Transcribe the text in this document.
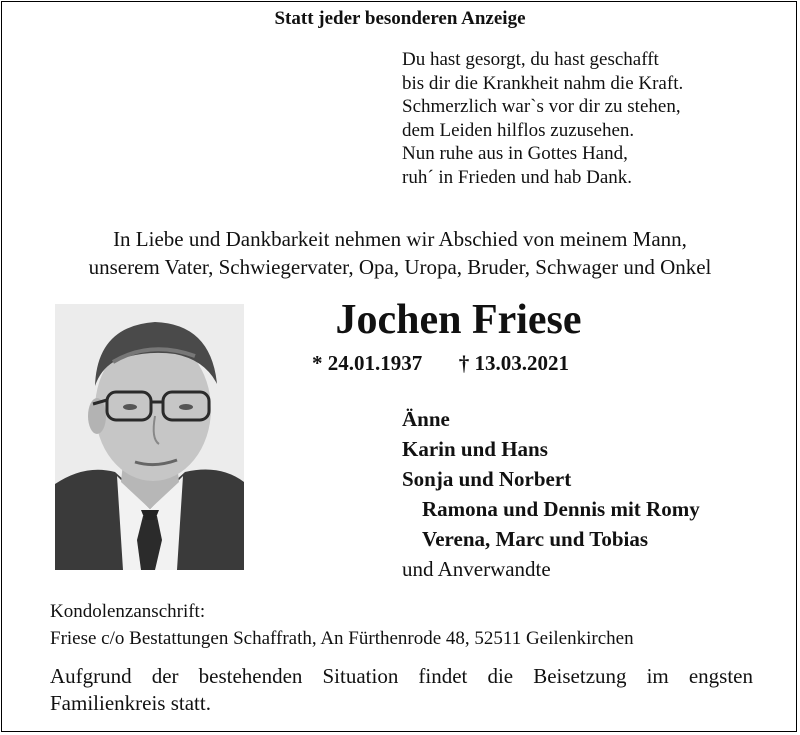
Statt jeder besonderen Anzeige
Du hast gesorgt, du hast geschafft
bis dir die Krankheit nahm die Kraft.
Schmerzlich war`s vor dir zu stehen,
dem Leiden hilflos zuzusehen.
Nun ruhe aus in Gottes Hand,
ruh´ in Frieden und hab Dank.
In Liebe und Dankbarkeit nehmen wir Abschied von meinem Mann,
unserem Vater, Schwiegervater, Opa, Uropa, Bruder, Schwager und Onkel
Jochen Friese
* 24.01.1937 † 13.03.2021
Änne
Karin und Hans
Sonja und Norbert
Ramona und Dennis mit Romy
Verena, Marc und Tobias
und Anverwandte
Kondolenzanschrift:
Friese c/o Bestattungen Schaffrath, An Fürthenrode 48, 52511 Geilenkirchen
Aufgrund der bestehenden Situation findet die Beisetzung im engsten Familienkreis statt.
